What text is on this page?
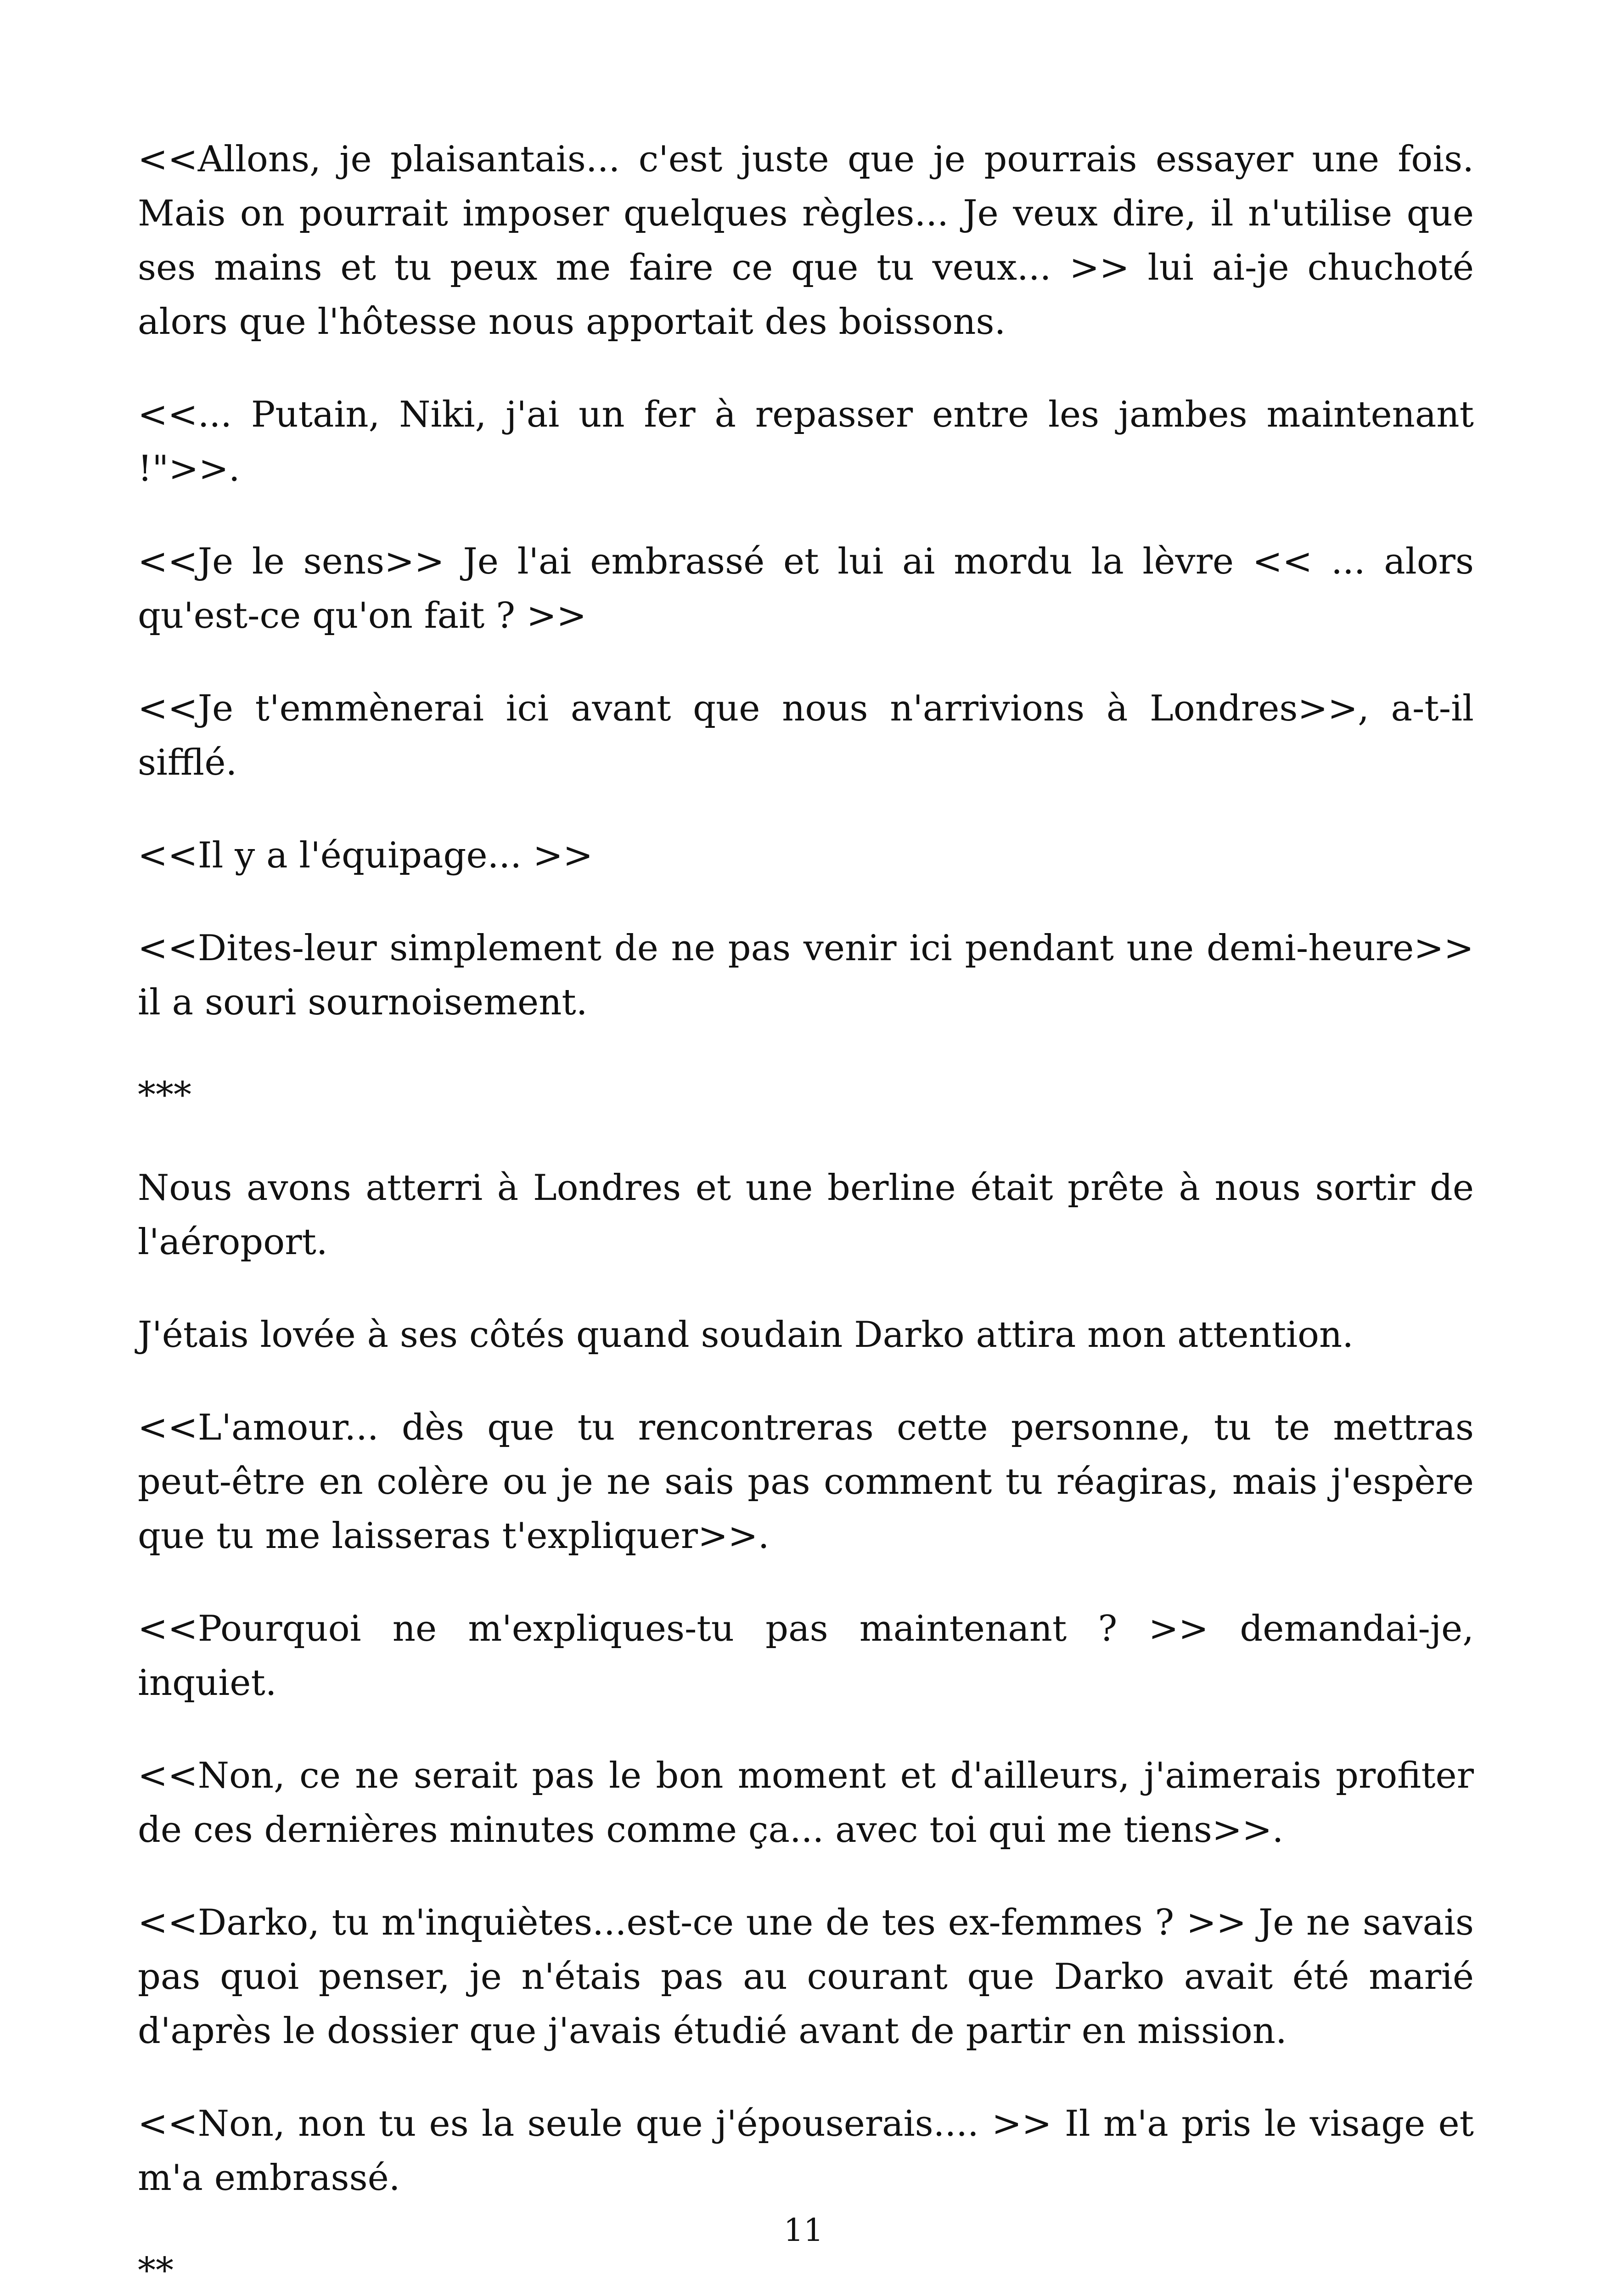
<<Allons, je plaisantais... c'est juste que je pourrais essayer une fois. Mais on pourrait imposer quelques règles... Je veux dire, il n'utilise que ses mains et tu peux me faire ce que tu veux... >> lui ai-je chuchoté alors que l'hôtesse nous apportait des boissons.

<<... Putain, Niki, j'ai un fer à repasser entre les jambes maintenant !">>.

<<Je le sens>> Je l'ai embrassé et lui ai mordu la lèvre << ... alors qu'est-ce qu'on fait ? >>

<<Je t'emmènerai ici avant que nous n'arrivions à Londres>>, a-t-il sifflé.

<<Il y a l'équipage... >>

<<Dites-leur simplement de ne pas venir ici pendant une demi-heure>> il a souri sournoisement.

***

Nous avons atterri à Londres et une berline était prête à nous sortir de l'aéroport.

J'étais lovée à ses côtés quand soudain Darko attira mon attention.

<<L'amour... dès que tu rencontreras cette personne, tu te mettras peut-être en colère ou je ne sais pas comment tu réagiras, mais j'espère que tu me laisseras t'expliquer>>.

<<Pourquoi ne m'expliques-tu pas maintenant ? >> demandai-je, inquiet.

<<Non, ce ne serait pas le bon moment et d'ailleurs, j'aimerais profiter de ces dernières minutes comme ça... avec toi qui me tiens>>.

<<Darko, tu m'inquiètes...est-ce une de tes ex-femmes ? >> Je ne savais pas quoi penser, je n'étais pas au courant que Darko avait été marié d'après le dossier que j'avais étudié avant de partir en mission.

<<Non, non tu es la seule que j'épouserais.... >> Il m'a pris le visage et m'a embrassé.

**

11
